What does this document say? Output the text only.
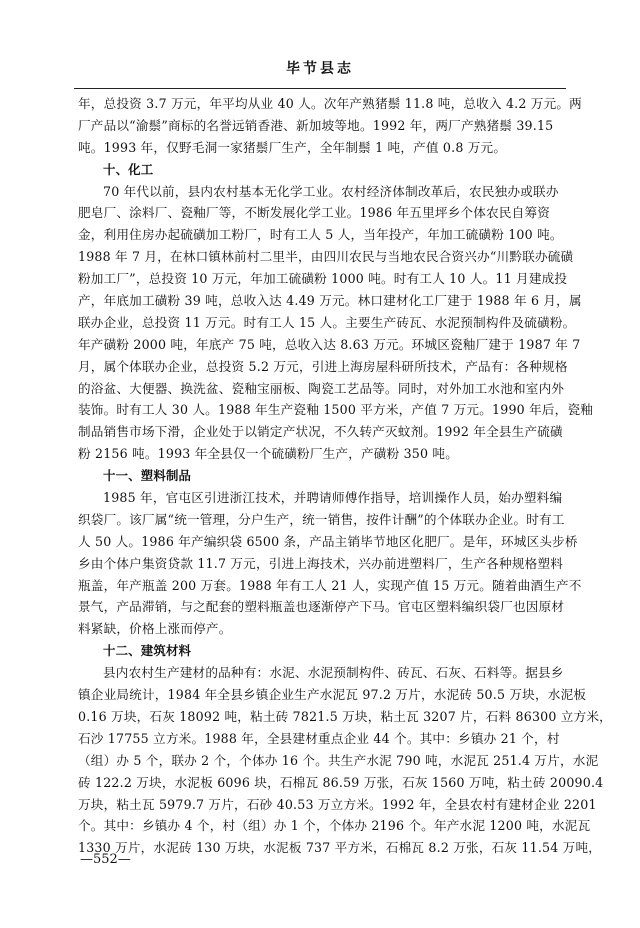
毕节县志
年，总投资 3.7 万元，年平均从业 40 人。次年产熟猪鬃 11.8 吨，总收入 4.2 万元。两
厂产品以“渝鬃”商标的名誉远销香港、新加坡等地。1992 年，两厂产熟猪鬃 39.15
吨。1993 年，仅野毛洞一家猪鬃厂生产，全年制鬃 1 吨，产值 0.8 万元。
十、化工
70 年代以前，县内农村基本无化学工业。农村经济体制改革后，农民独办或联办
肥皂厂、涂料厂、瓷釉厂等，不断发展化学工业。1986 年五里坪乡个体农民自筹资
金，利用住房办起硫磺加工粉厂，时有工人 5 人，当年投产，年加工硫磺粉 100 吨。
1988 年 7 月，在林口镇林前村二里半，由四川农民与当地农民合资兴办“川黔联办硫磺
粉加工厂”，总投资 10 万元，年加工硫磺粉 1000 吨。时有工人 10 人。11 月建成投
产，年底加工磺粉 39 吨，总收入达 4.49 万元。林口建材化工厂建于 1988 年 6 月，属
联办企业，总投资 11 万元。时有工人 15 人。主要生产砖瓦、水泥预制构件及硫磺粉。
年产磺粉 2000 吨，年底产 75 吨，总收入达 8.63 万元。环城区瓷釉厂建于 1987 年 7
月，属个体联办企业，总投资 5.2 万元，引进上海房屋科研所技术，产品有：各种规格
的浴盆、大便器、换洗盆、瓷釉宝丽板、陶瓷工艺品等。同时，对外加工水池和室内外
装饰。时有工人 30 人。1988 年生产瓷釉 1500 平方米，产值 7 万元。1990 年后，瓷釉
制品销售市场下滑，企业处于以销定产状况，不久转产灭蚊剂。1992 年全县生产硫磺
粉 2156 吨。1993 年全县仅一个硫磺粉厂生产，产磺粉 350 吨。
十一、塑料制品
1985 年，官屯区引进浙江技术，并聘请师傅作指导，培训操作人员，始办塑料编
织袋厂。该厂属“统一管理，分户生产，统一销售，按件计酬”的个体联办企业。时有工
人 50 人。1986 年产编织袋 6500 条，产品主销毕节地区化肥厂。是年，环城区头步桥
乡由个体户集资贷款 11.7 万元，引进上海技术，兴办前进塑料厂，生产各种规格塑料
瓶盖，年产瓶盖 200 万套。1988 年有工人 21 人，实现产值 15 万元。随着曲酒生产不
景气，产品滞销，与之配套的塑料瓶盖也逐渐停产下马。官屯区塑料编织袋厂也因原材
料紧缺，价格上涨而停产。
十二、建筑材料
县内农村生产建材的品种有：水泥、水泥预制构件、砖瓦、石灰、石料等。据县乡
镇企业局统计，1984 年全县乡镇企业生产水泥瓦 97.2 万片，水泥砖 50.5 万块，水泥板
0.16 万块，石灰 18092 吨，粘土砖 7821.5 万块，粘土瓦 3207 片，石料 86300 立方米，
石沙 17755 立方米。1988 年，全县建材重点企业 44 个。其中：乡镇办 21 个，村
（组）办 5 个，联办 2 个，个体办 16 个。共生产水泥 790 吨，水泥瓦 251.4 万片，水泥
砖 122.2 万块，水泥板 6096 块，石棉瓦 86.59 万张，石灰 1560 万吨，粘土砖 20090.4
万块，粘土瓦 5979.7 万片，石砂 40.53 万立方米。1992 年，全县农村有建材企业 2201
个。其中：乡镇办 4 个，村（组）办 1 个，个体办 2196 个。年产水泥 1200 吨，水泥瓦
1330 万片，水泥砖 130 万块，水泥板 737 平方米，石棉瓦 8.2 万张，石灰 11.54 万吨，
—552—
